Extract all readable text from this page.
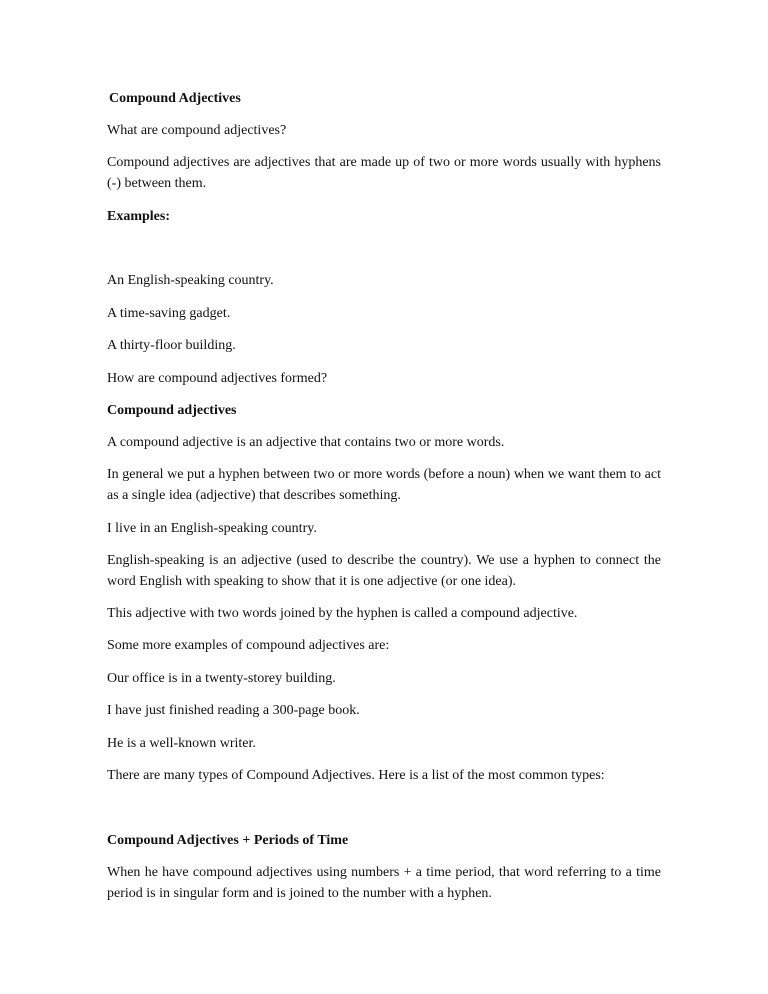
Compound Adjectives

What are compound adjectives?

Compound adjectives are adjectives that are made up of two or more words usually with hyphens (-) between them.

Examples:

An English-speaking country.

A time-saving gadget.

A thirty-floor building.

How are compound adjectives formed?

Compound adjectives

A compound adjective is an adjective that contains two or more words.

In general we put a hyphen between two or more words (before a noun) when we want them to act as a single idea (adjective) that describes something.

I live in an English-speaking country.

English-speaking is an adjective (used to describe the country). We use a hyphen to connect the word English with speaking to show that it is one adjective (or one idea).

This adjective with two words joined by the hyphen is called a compound adjective.

Some more examples of compound adjectives are:

Our office is in a twenty-storey building.

I have just finished reading a 300-page book.

He is a well-known writer.

There are many types of Compound Adjectives. Here is a list of the most common types:

Compound Adjectives + Periods of Time

When he have compound adjectives using numbers + a time period, that word referring to a time period is in singular form and is joined to the number with a hyphen.
